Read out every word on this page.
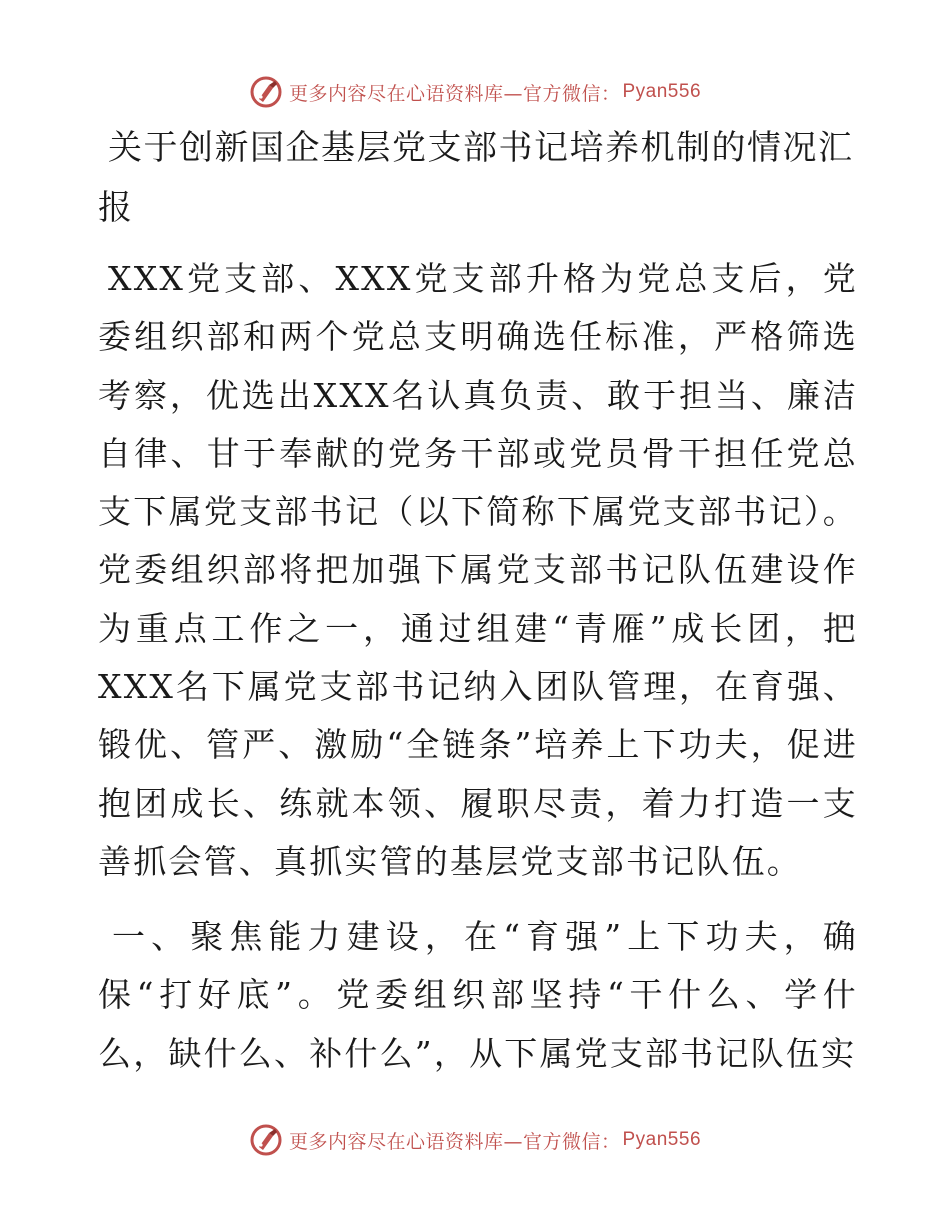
更多内容尽在心语资料库—官方微信： Pyan556
关于创新国企基层党支部书记培养机制的情况汇报

XXX党支部、XXX党支部升格为党总支后，党委组织部和两个党总支明确选任标准，严格筛选考察，优选出XXX名认真负责、敢于担当、廉洁自律、甘于奉献的党务干部或党员骨干担任党总支下属党支部书记（以下简称下属党支部书记）。党委组织部将把加强下属党支部书记队伍建设作为重点工作之一，通过组建“青雁”成长团，把XXX名下属党支部书记纳入团队管理，在育强、锻优、管严、激励“全链条”培养上下功夫，促进抱团成长、练就本领、履职尽责，着力打造一支善抓会管、真抓实管的基层党支部书记队伍。

一、聚焦能力建设，在“育强”上下功夫，确保“打好底”。党委组织部坚持“干什么、学什么，缺什么、补什么”，从下属党支部书记队伍实

更多内容尽在心语资料库—官方微信： Pyan556
